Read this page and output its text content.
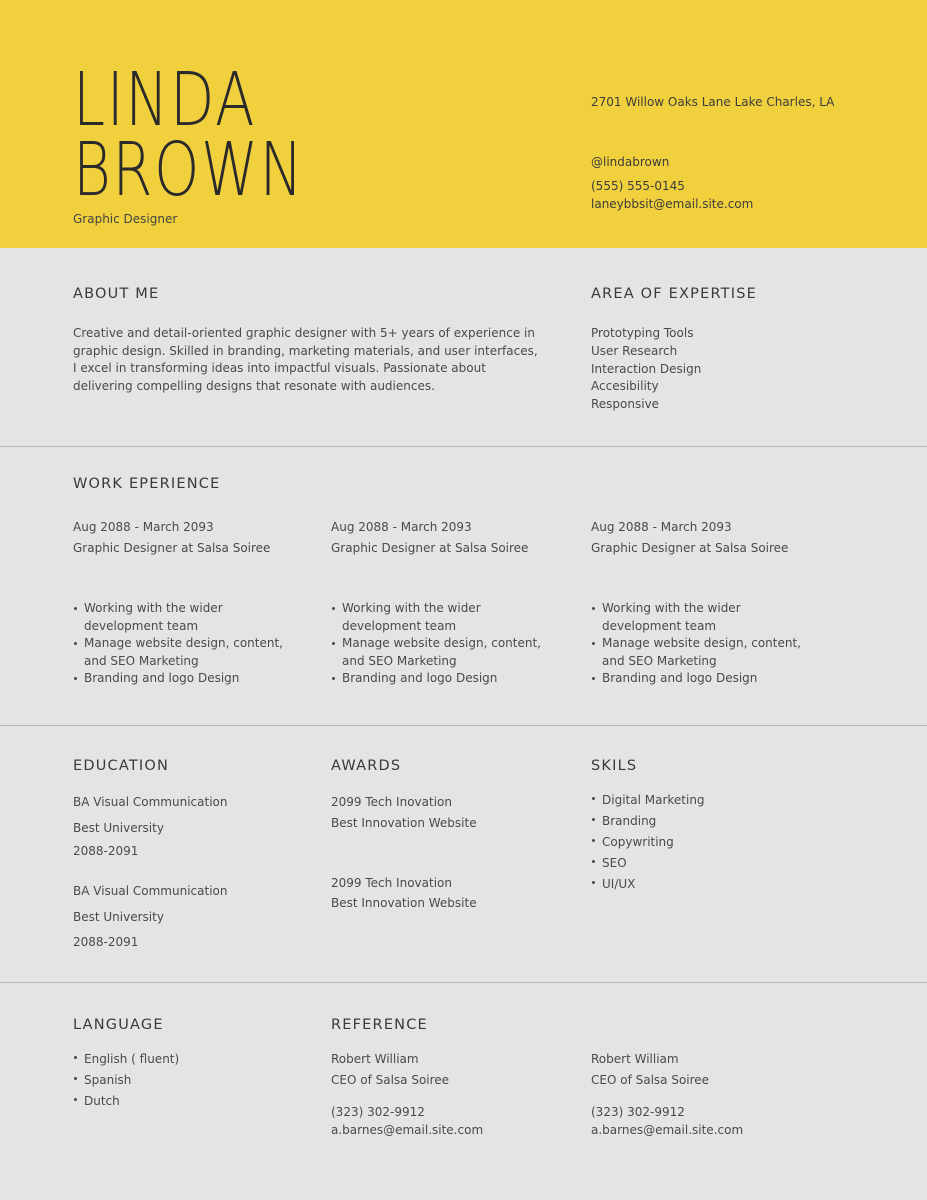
LINDA
BROWN
Graphic Designer
2701 Willow Oaks Lane Lake Charles, LA
@lindabrown
(555) 555-0145
laneybbsit@email.site.com
ABOUT ME
Creative and detail-oriented graphic designer with 5+ years of experience in
graphic design. Skilled in branding, marketing materials, and user interfaces,
I excel in transforming ideas into impactful visuals. Passionate about
delivering compelling designs that resonate with audiences.
AREA OF EXPERTISE
Prototyping Tools
User Research
Interaction Design
Accesibility
Responsive
WORK EPERIENCE
Aug 2088 - March 2093
Graphic Designer at Salsa Soiree
Working with the wider
development team
Manage website design, content,
and SEO Marketing
Branding and logo Design
Aug 2088 - March 2093
Graphic Designer at Salsa Soiree
Working with the wider
development team
Manage website design, content,
and SEO Marketing
Branding and logo Design
Aug 2088 - March 2093
Graphic Designer at Salsa Soiree
Working with the wider
development team
Manage website design, content,
and SEO Marketing
Branding and logo Design
EDUCATION
BA Visual Communication
Best University
2088-2091
BA Visual Communication
Best University
2088-2091
AWARDS
2099 Tech Inovation
Best Innovation Website
2099 Tech Inovation
Best Innovation Website
SKILS
Digital Marketing
Branding
Copywriting
SEO
UI/UX
LANGUAGE
English ( fluent)
Spanish
Dutch
REFERENCE
Robert William
CEO of Salsa Soiree
(323) 302-9912
a.barnes@email.site.com
Robert William
CEO of Salsa Soiree
(323) 302-9912
a.barnes@email.site.com
